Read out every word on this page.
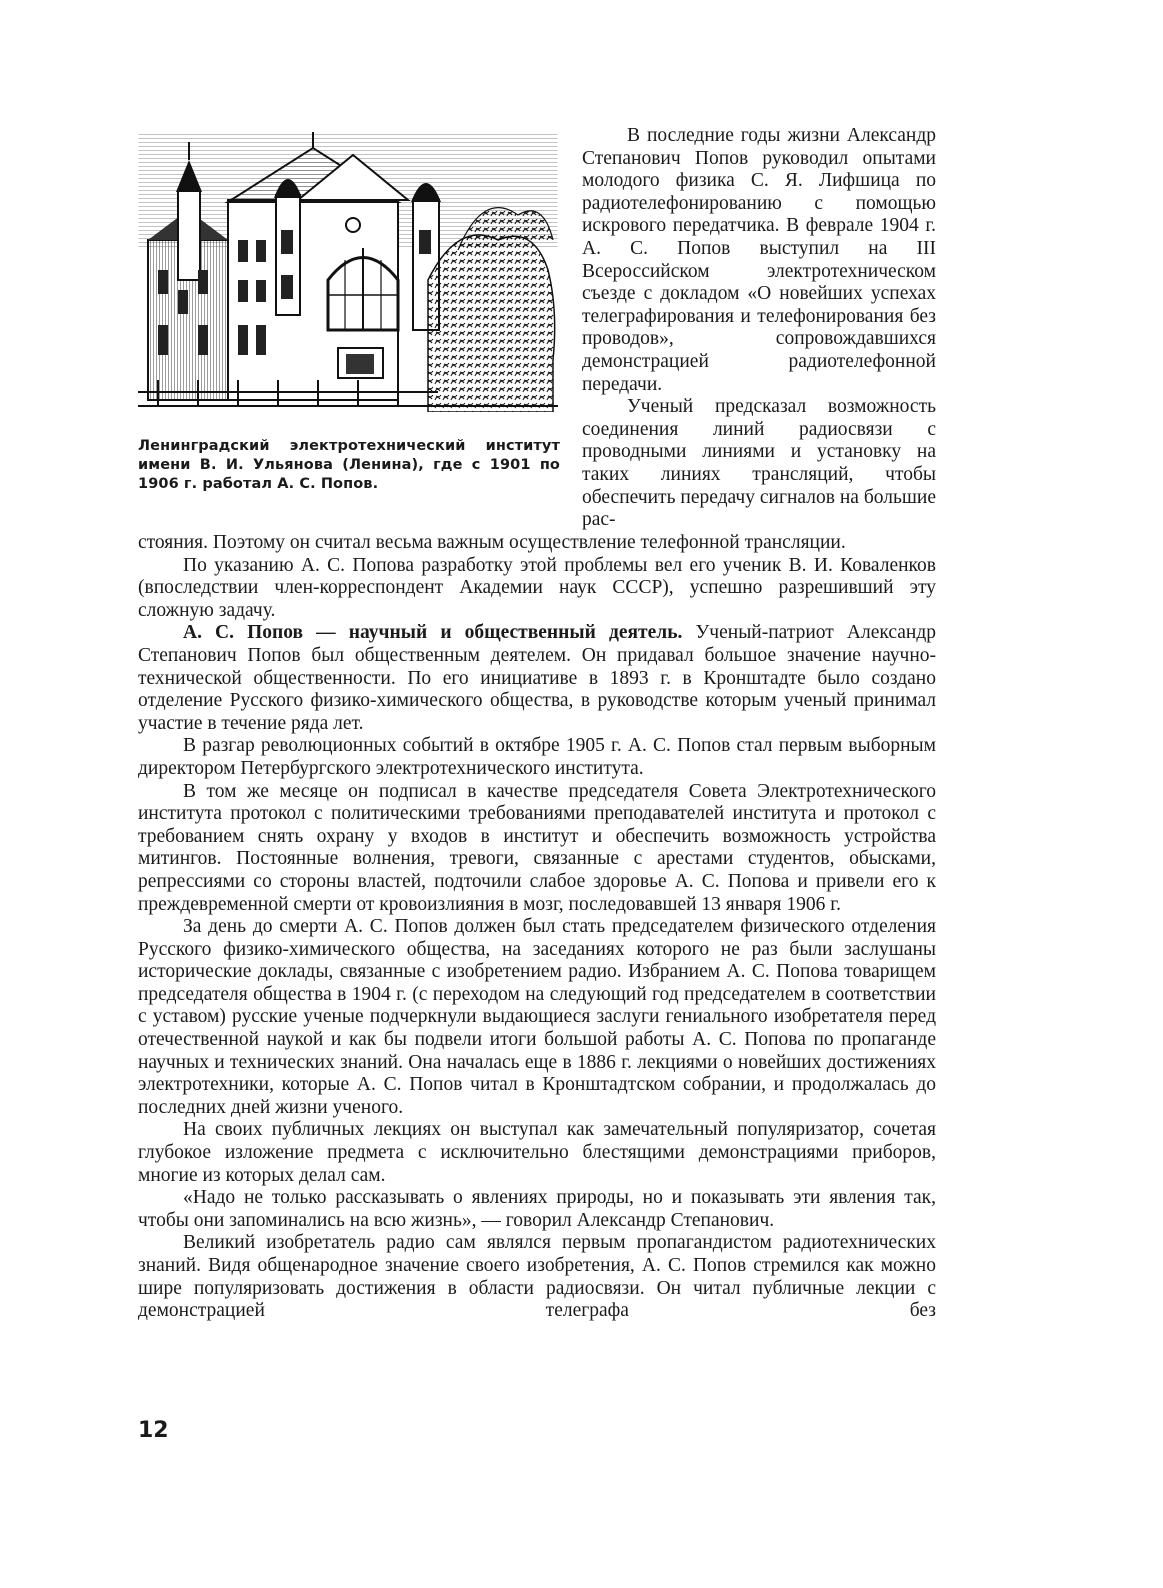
Ленинградский электротехнический институт имени В. И. Ульянова (Ленина), где с 1901 по 1906 г. работал А. С. Попов.

В последние годы жизни Александр Степанович Попов руководил опытами молодого физика С. Я. Лифшица по радиотелефонированию с помощью искрового передатчика. В феврале 1904 г. А. С. Попов выступил на III Всероссийском электротехническом съезде с докладом «О новейших успехах телеграфирования и телефонирования без проводов», сопровождавшихся демонстрацией радиотелефонной передачи.

Ученый предсказал возможность соединения линий радиосвязи с проводными линиями и установку на таких линиях трансляций, чтобы обеспечить передачу сигналов на большие рас-

стояния. Поэтому он считал весьма важным осуществление телефонной трансляции.

По указанию А. С. Попова разработку этой проблемы вел его ученик В. И. Коваленков (впоследствии член-корреспондент Академии наук СССР), успешно разрешивший эту сложную задачу.

А. С. Попов — научный и общественный деятель. Ученый-патриот Александр Степанович Попов был общественным деятелем. Он придавал большое значение научно-технической общественности. По его инициативе в 1893 г. в Кронштадте было создано отделение Русского физико-химического общества, в руководстве которым ученый принимал участие в течение ряда лет.

В разгар революционных событий в октябре 1905 г. А. С. Попов стал первым выборным директором Петербургского электротехнического института.

В том же месяце он подписал в качестве председателя Совета Электротехнического института протокол с политическими требованиями преподавателей института и протокол с требованием снять охрану у входов в институт и обеспечить возможность устройства митингов. Постоянные волнения, тревоги, связанные с арестами студентов, обысками, репрессиями со стороны властей, подточили слабое здоровье А. С. Попова и привели его к преждевременной смерти от кровоизлияния в мозг, последовавшей 13 января 1906 г.

За день до смерти А. С. Попов должен был стать председателем физического отделения Русского физико-химического общества, на заседаниях которого не раз были заслушаны исторические доклады, связанные с изобретением радио. Избранием А. С. Попова товарищем председателя общества в 1904 г. (с переходом на следующий год председателем в соответствии с уставом) русские ученые подчеркнули выдающиеся заслуги гениального изобретателя перед отечественной наукой и как бы подвели итоги большой работы А. С. Попова по пропаганде научных и технических знаний. Она началась еще в 1886 г. лекциями о новейших достижениях электротехники, которые А. С. Попов читал в Кронштадтском собрании, и продолжалась до последних дней жизни ученого.

На своих публичных лекциях он выступал как замечательный популяризатор, сочетая глубокое изложение предмета с исключительно блестящими демонстрациями приборов, многие из которых делал сам.

«Надо не только рассказывать о явлениях природы, но и показывать эти явления так, чтобы они запоминались на всю жизнь», — говорил Александр Степанович.

Великий изобретатель радио сам являлся первым пропагандистом радиотехнических знаний. Видя общенародное значение своего изобретения, А. С. Попов стремился как можно шире популяризовать достижения в области радиосвязи. Он читал публичные лекции с демонстрацией телеграфа без

12
